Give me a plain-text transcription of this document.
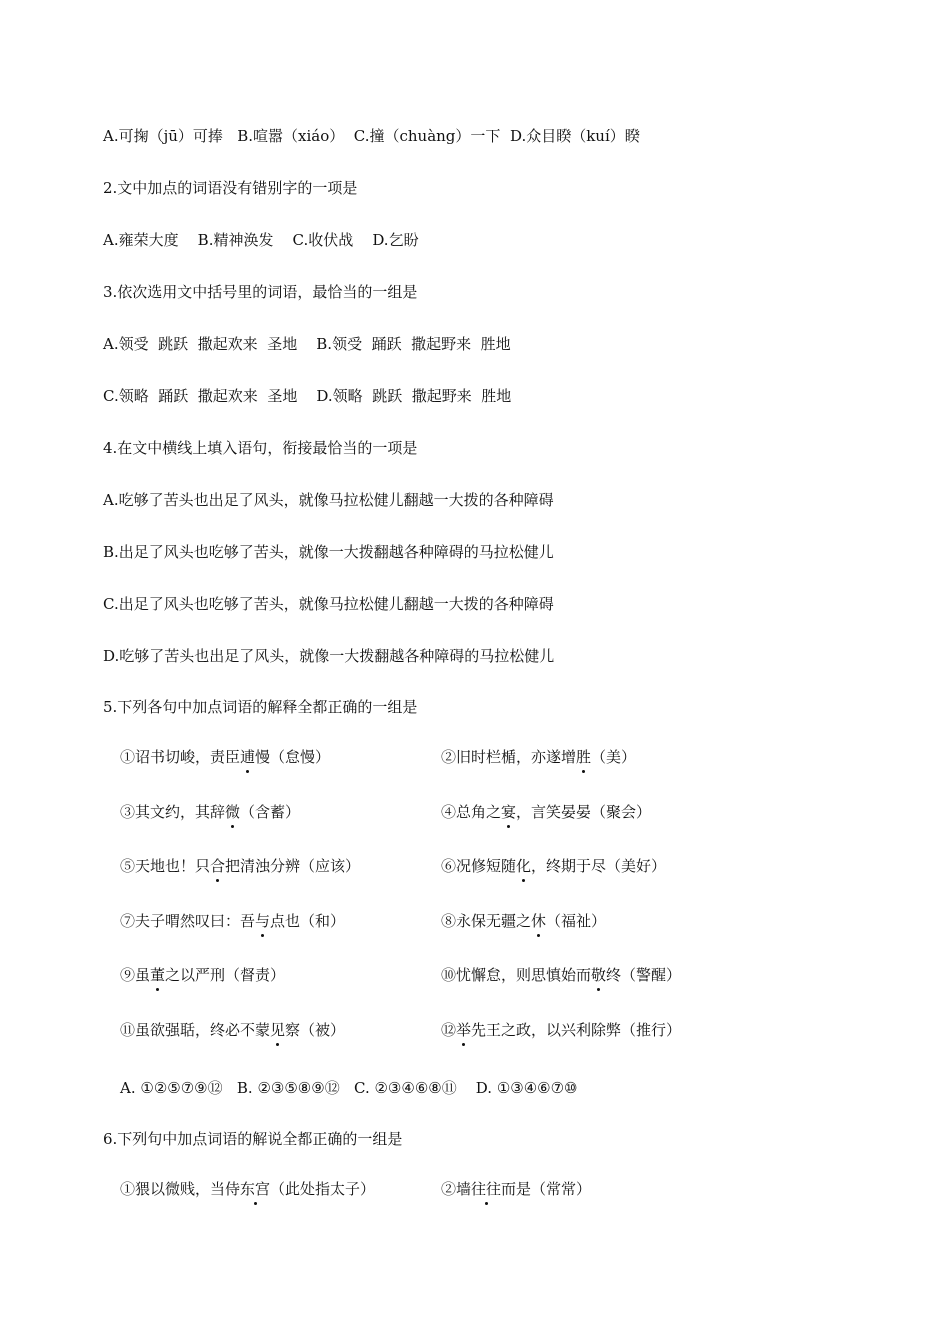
A.可掬（jū）可捧   B.喧嚣（xiáo）  C.撞（chuàng）一下  D.众目睽（kuí）睽
2.文中加点的词语没有错别字的一项是
A.雍荣大度    B.精神涣发    C.收伏战    D.乞盼
3.依次选用文中括号里的词语，最恰当的一组是
A.领受  跳跃  撒起欢来  圣地    B.领受  踊跃  撒起野来  胜地
C.领略  踊跃  撒起欢来  圣地    D.领略  跳跃  撒起野来  胜地
4.在文中横线上填入语句，衔接最恰当的一项是
A.吃够了苦头也出足了风头，就像马拉松健儿翻越一大拨的各种障碍
B.出足了风头也吃够了苦头，就像一大拨翻越各种障碍的马拉松健儿
C.出足了风头也吃够了苦头，就像马拉松健儿翻越一大拨的各种障碍
D.吃够了苦头也出足了风头，就像一大拨翻越各种障碍的马拉松健儿
5.下列各句中加点词语的解释全都正确的一组是
①诏书切峻，责臣逋慢（怠慢）	②旧时栏楯，亦遂增胜（美）
③其文约，其辞微（含蓄）	④总角之宴，言笑晏晏（聚会）
⑤天地也！只合把清浊分辨（应该）	⑥况修短随化，终期于尽（美好）
⑦夫子喟然叹曰：吾与点也（和）	⑧永保无疆之休（福祉）
⑨虽董之以严刑（督责）	⑩忧懈怠，则思慎始而敬终（警醒）
⑪虽欲强聒，终必不蒙见察（被）	⑫举先王之政，以兴利除弊（推行）
A. ①②⑤⑦⑨⑫   B. ②③⑤⑧⑨⑫   C. ②③④⑥⑧⑪    D. ①③④⑥⑦⑩
6.下列句中加点词语的解说全都正确的一组是
①猥以微贱，当侍东宫（此处指太子）	②墙往往而是（常常）
